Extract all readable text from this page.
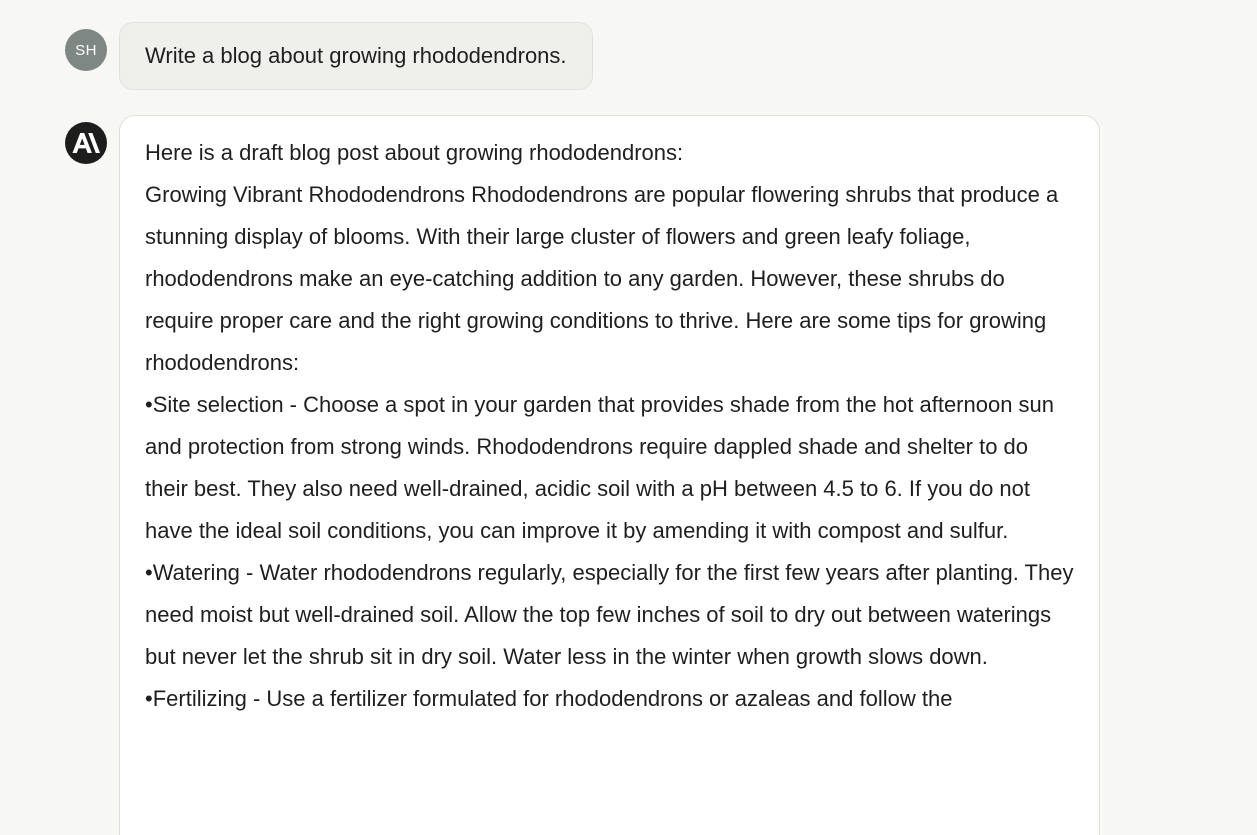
SH Write a blog about growing rhododendrons.

Here is a draft blog post about growing rhododendrons:

Growing Vibrant Rhododendrons Rhododendrons are popular flowering shrubs that produce a stunning display of blooms. With their large cluster of flowers and green leafy foliage, rhododendrons make an eye-catching addition to any garden. However, these shrubs do require proper care and the right growing conditions to thrive. Here are some tips for growing rhododendrons:

•Site selection - Choose a spot in your garden that provides shade from the hot afternoon sun and protection from strong winds. Rhododendrons require dappled shade and shelter to do their best. They also need well-drained, acidic soil with a pH between 4.5 to 6. If you do not have the ideal soil conditions, you can improve it by amending it with compost and sulfur.

•Watering - Water rhododendrons regularly, especially for the first few years after planting. They need moist but well-drained soil. Allow the top few inches of soil to dry out between waterings but never let the shrub sit in dry soil. Water less in the winter when growth slows down.

•Fertilizing - Use a fertilizer formulated for rhododendrons or azaleas and follow the
